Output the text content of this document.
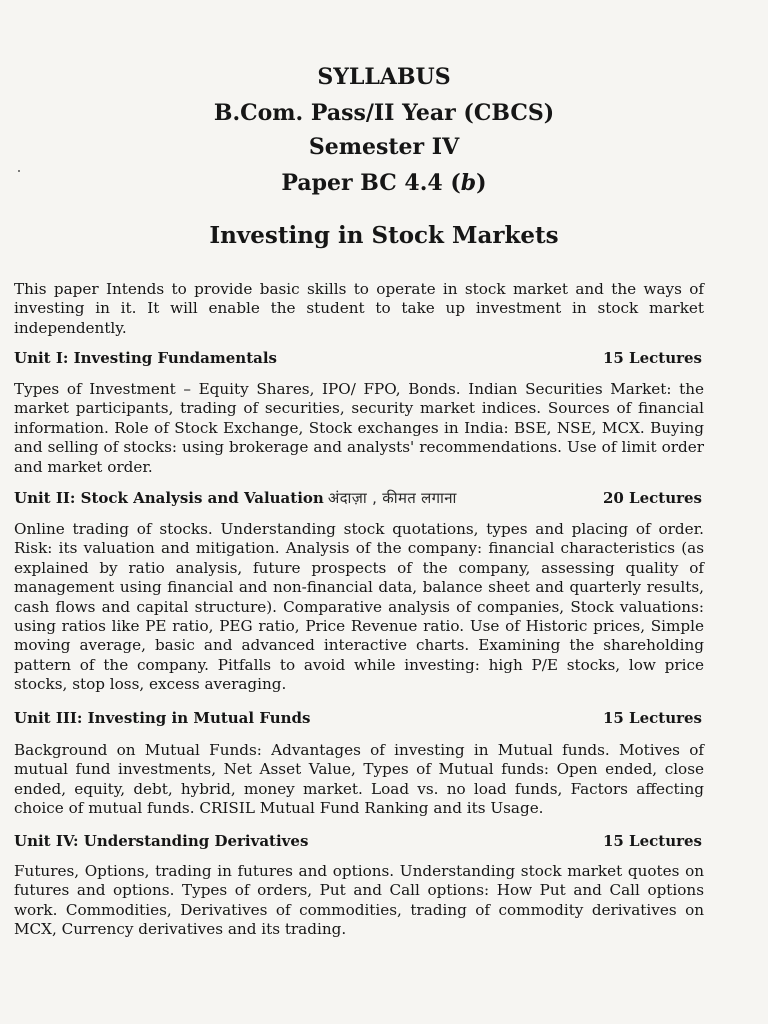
SYLLABUS
B.Com. Pass/II Year (CBCS)
Semester IV
Paper BC 4.4 (b)
Investing in Stock Markets

This paper Intends to provide basic skills to operate in stock market and the ways of investing in it. It will enable the student to take up investment in stock market independently.

Unit I: Investing Fundamentals	15 Lectures

Types of Investment – Equity Shares, IPO/ FPO, Bonds. Indian Securities Market: the market participants, trading of securities, security market indices. Sources of financial information. Role of Stock Exchange, Stock exchanges in India: BSE, NSE, MCX. Buying and selling of stocks: using brokerage and analysts' recommendations. Use of limit order and market order.

Unit II: Stock Analysis and Valuation अंदाज़ा , कीमत लगाना	20 Lectures

Online trading of stocks. Understanding stock quotations, types and placing of order. Risk: its valuation and mitigation. Analysis of the company: financial characteristics (as explained by ratio analysis, future prospects of the company, assessing quality of management using financial and non-financial data, balance sheet and quarterly results, cash flows and capital structure). Comparative analysis of companies, Stock valuations: using ratios like PE ratio, PEG ratio, Price Revenue ratio. Use of Historic prices, Simple moving average, basic and advanced interactive charts. Examining the shareholding pattern of the company. Pitfalls to avoid while investing: high P/E stocks, low price stocks, stop loss, excess averaging.

Unit III: Investing in Mutual Funds	15 Lectures

Background on Mutual Funds: Advantages of investing in Mutual funds. Motives of mutual fund investments, Net Asset Value, Types of Mutual funds: Open ended, close ended, equity, debt, hybrid, money market. Load vs. no load funds, Factors affecting choice of mutual funds. CRISIL Mutual Fund Ranking and its Usage.

Unit IV: Understanding Derivatives	15 Lectures

Futures, Options, trading in futures and options. Understanding stock market quotes on futures and options. Types of orders, Put and Call options: How Put and Call options work. Commodities, Derivatives of commodities, trading of commodity derivatives on MCX, Currency derivatives and its trading.
